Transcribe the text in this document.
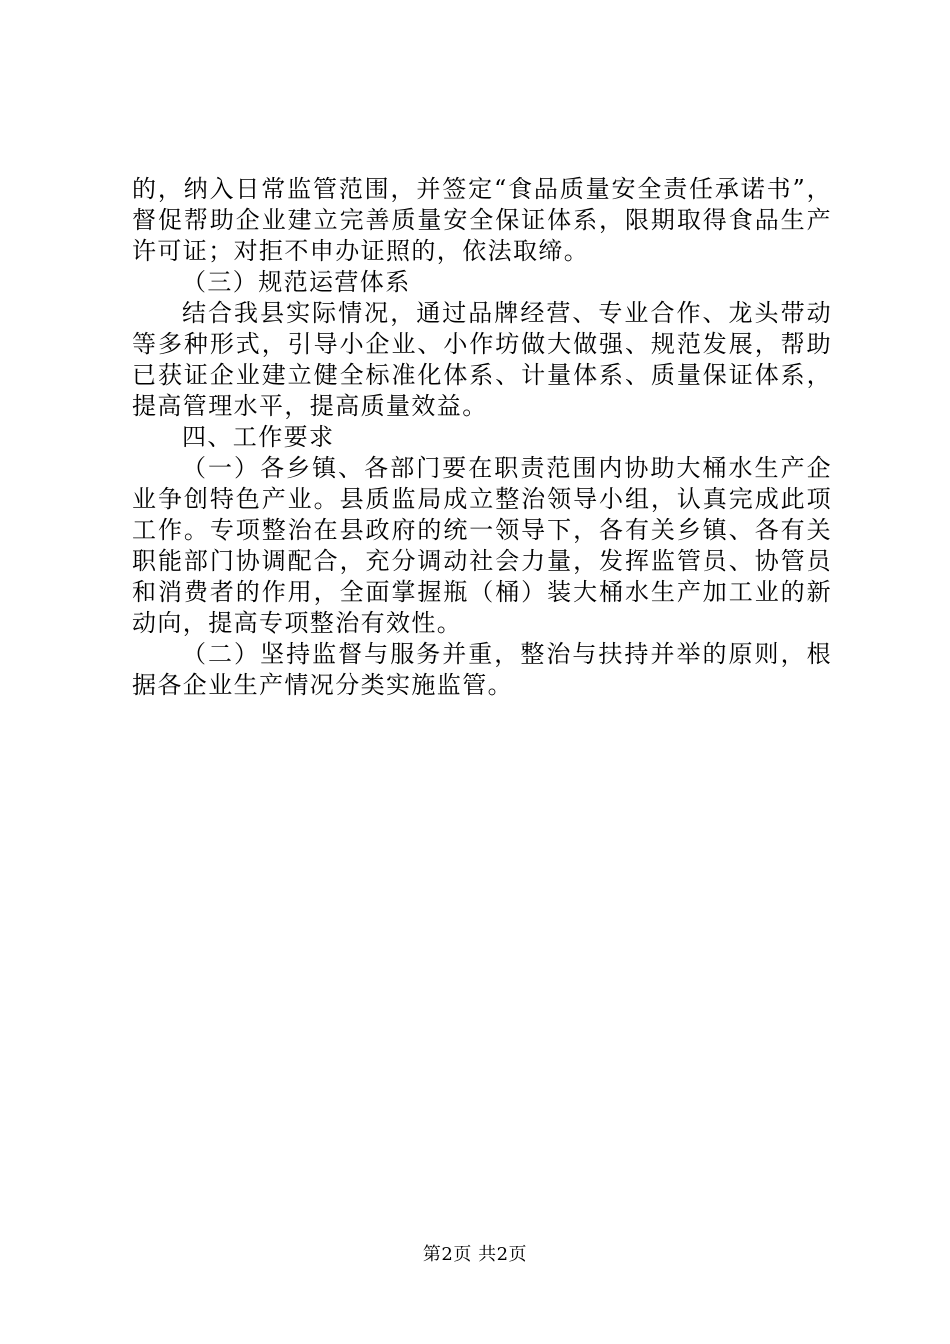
的，纳入日常监管范围，并签定“食品质量安全责任承诺书”，督促帮助企业建立完善质量安全保证体系，限期取得食品生产许可证；对拒不申办证照的，依法取缔。

（三）规范运营体系

结合我县实际情况，通过品牌经营、专业合作、龙头带动等多种形式，引导小企业、小作坊做大做强、规范发展，帮助已获证企业建立健全标准化体系、计量体系、质量保证体系，提高管理水平，提高质量效益。

四、工作要求

（一）各乡镇、各部门要在职责范围内协助大桶水生产企业争创特色产业。县质监局成立整治领导小组，认真完成此项工作。专项整治在县政府的统一领导下，各有关乡镇、各有关职能部门协调配合，充分调动社会力量，发挥监管员、协管员和消费者的作用，全面掌握瓶（桶）装大桶水生产加工业的新动向，提高专项整治有效性。

（二）坚持监督与服务并重，整治与扶持并举的原则，根据各企业生产情况分类实施监管。

第2页 共2页
